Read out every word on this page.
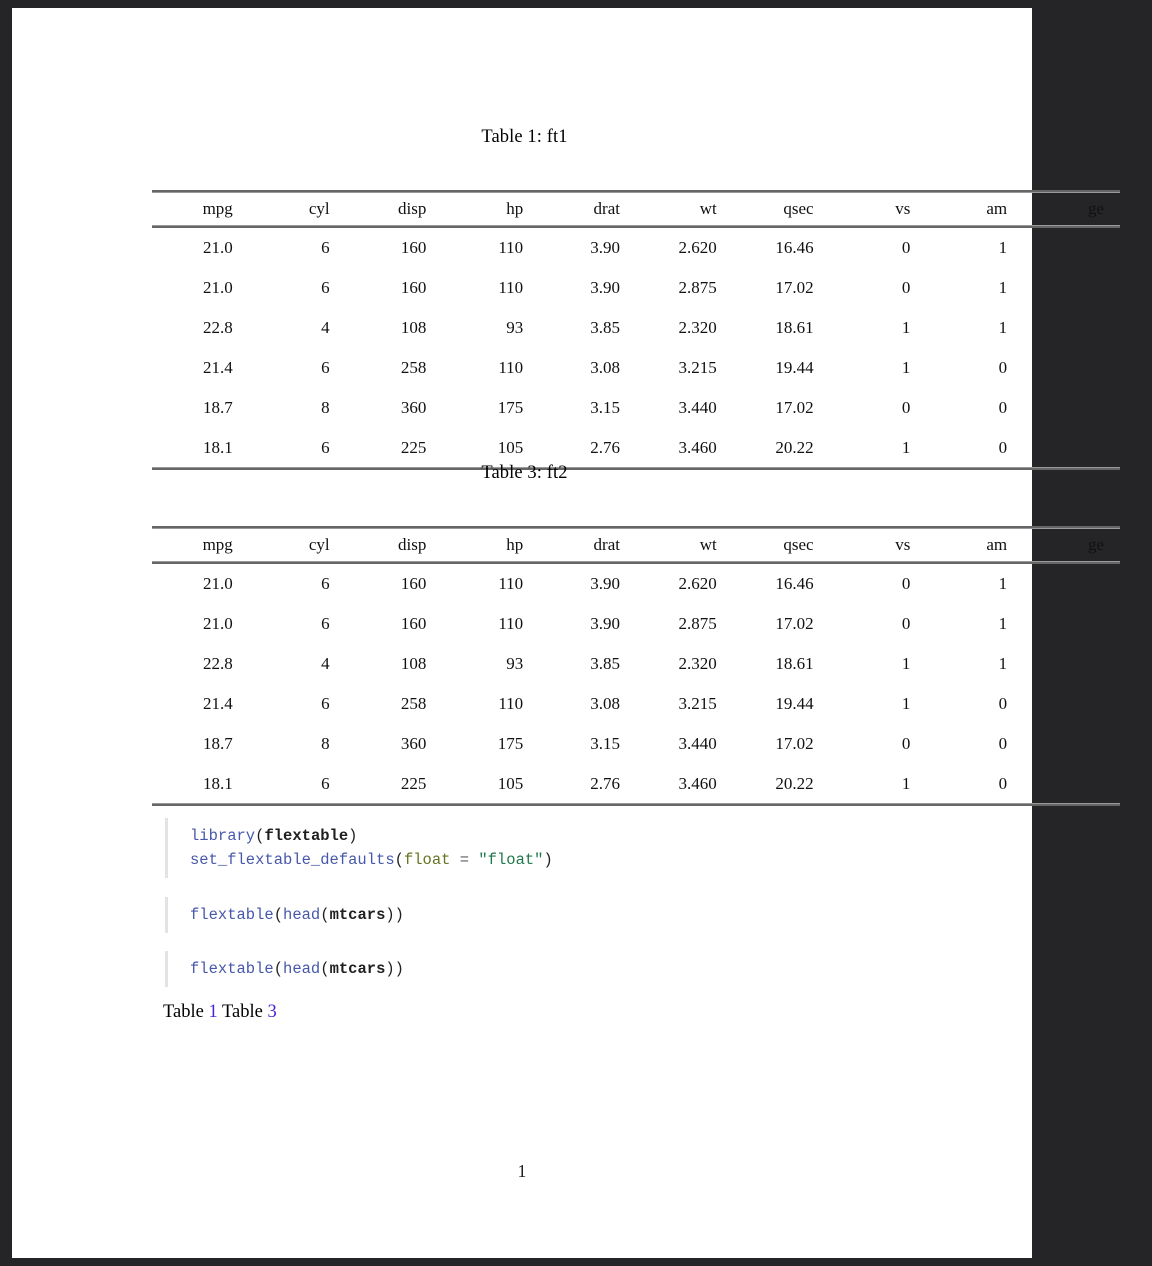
Table 1: ft1
mpg	cyl	disp	hp	drat	wt	qsec	vs	am	ge
21.0	6	160	110	3.90	2.620	16.46	0	1	
21.0	6	160	110	3.90	2.875	17.02	0	1	
22.8	4	108	93	3.85	2.320	18.61	1	1	
21.4	6	258	110	3.08	3.215	19.44	1	0	
18.7	8	360	175	3.15	3.440	17.02	0	0	
18.1	6	225	105	2.76	3.460	20.22	1	0	
Table 3: ft2
mpg	cyl	disp	hp	drat	wt	qsec	vs	am	ge
21.0	6	160	110	3.90	2.620	16.46	0	1	
21.0	6	160	110	3.90	2.875	17.02	0	1	
22.8	4	108	93	3.85	2.320	18.61	1	1	
21.4	6	258	110	3.08	3.215	19.44	1	0	
18.7	8	360	175	3.15	3.440	17.02	0	0	
18.1	6	225	105	2.76	3.460	20.22	1	0	
library(flextable)
set_flextable_defaults(float = "float")
flextable(head(mtcars))
flextable(head(mtcars))
Table 1 Table 3
1
